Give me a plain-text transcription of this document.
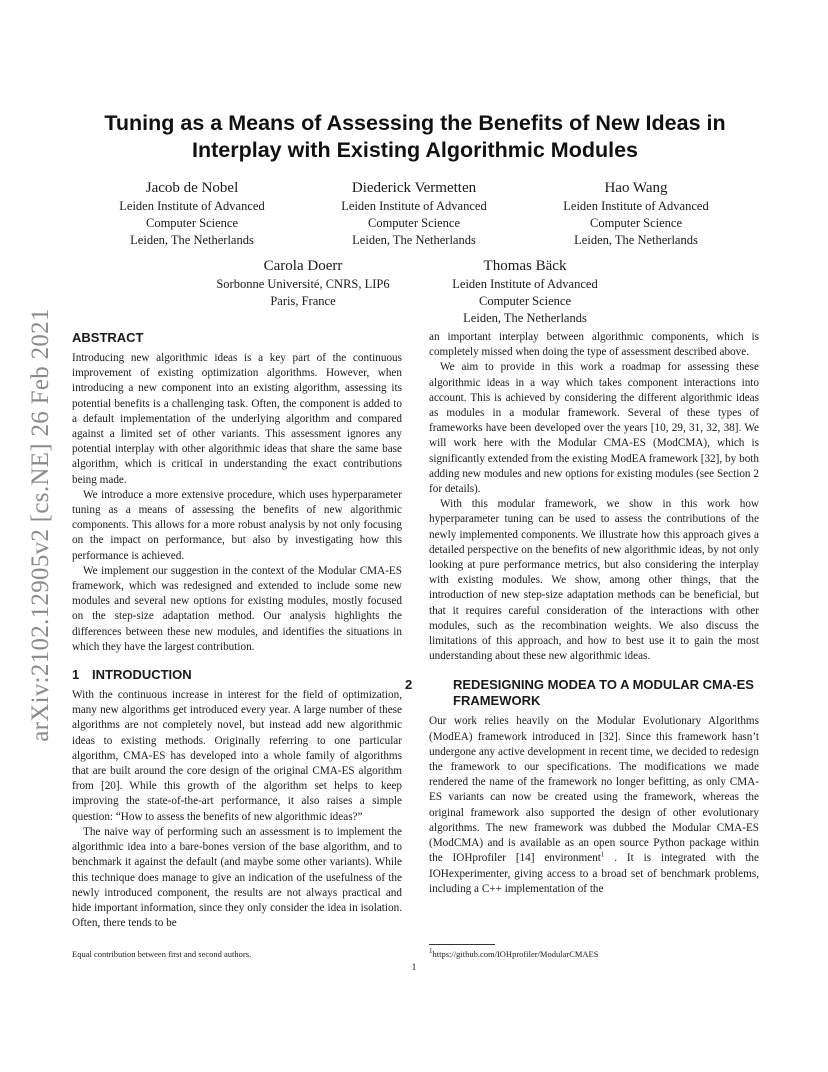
arXiv:2102.12905v2 [cs.NE] 26 Feb 2021
Tuning as a Means of Assessing the Benefits of New Ideas in Interplay with Existing Algorithmic Modules
Jacob de Nobel
Leiden Institute of Advanced
Computer Science
Leiden, The Netherlands
Diederick Vermetten
Leiden Institute of Advanced
Computer Science
Leiden, The Netherlands
Hao Wang
Leiden Institute of Advanced
Computer Science
Leiden, The Netherlands
Carola Doerr
Sorbonne Université, CNRS, LIP6
Paris, France
Thomas Bäck
Leiden Institute of Advanced
Computer Science
Leiden, The Netherlands
ABSTRACT

Introducing new algorithmic ideas is a key part of the continuous improvement of existing optimization algorithms. However, when introducing a new component into an existing algorithm, assessing its potential benefits is a challenging task. Often, the component is added to a default implementation of the underlying algorithm and compared against a limited set of other variants. This assessment ignores any potential interplay with other algorithmic ideas that share the same base algorithm, which is critical in understanding the exact contributions being made.

We introduce a more extensive procedure, which uses hyperparameter tuning as a means of assessing the benefits of new algorithmic components. This allows for a more robust analysis by not only focusing on the impact on performance, but also by investigating how this performance is achieved.

We implement our suggestion in the context of the Modular CMA-ES framework, which was redesigned and extended to include some new modules and several new options for existing modules, mostly focused on the step-size adaptation method. Our analysis highlights the differences between these new modules, and identifies the situations in which they have the largest contribution.

1 INTRODUCTION

With the continuous increase in interest for the field of optimization, many new algorithms get introduced every year. A large number of these algorithms are not completely novel, but instead add new algorithmic ideas to existing methods. Originally referring to one particular algorithm, CMA-ES has developed into a whole family of algorithms that are built around the core design of the original CMA-ES algorithm from [20]. While this growth of the algorithm set helps to keep improving the state-of-the-art performance, it also raises a simple question: “How to assess the benefits of new algorithmic ideas?”

The naive way of performing such an assessment is to implement the algorithmic idea into a bare-bones version of the base algorithm, and to benchmark it against the default (and maybe some other variants). While this technique does manage to give an indication of the usefulness of the newly introduced component, the results are not always practical and hide important information, since they only consider the idea in isolation. Often, there tends to be

an important interplay between algorithmic components, which is completely missed when doing the type of assessment described above.

We aim to provide in this work a roadmap for assessing these algorithmic ideas in a way which takes component interactions into account. This is achieved by considering the different algorithmic ideas as modules in a modular framework. Several of these types of frameworks have been developed over the years [10, 29, 31, 32, 38]. We will work here with the Modular CMA-ES (ModCMA), which is significantly extended from the existing ModEA framework [32], by both adding new modules and new options for existing modules (see Section 2 for details).

With this modular framework, we show in this work how hyperparameter tuning can be used to assess the contributions of the newly implemented components. We illustrate how this approach gives a detailed perspective on the benefits of new algorithmic ideas, by not only looking at pure performance metrics, but also considering the interplay with existing modules. We show, among other things, that the introduction of new step-size adaptation methods can be beneficial, but that it requires careful consideration of the interactions with other modules, such as the recombination weights. We also discuss the limitations of this approach, and how to best use it to gain the most understanding about these new algorithmic ideas.

2	REDESIGNING MODEA TO A MODULAR CMA-ES FRAMEWORK

Our work relies heavily on the Modular Evolutionary Algorithms (ModEA) framework introduced in [32]. Since this framework hasn’t undergone any active development in recent time, we decided to redesign the framework to our specifications. The modifications we made rendered the name of the framework no longer befitting, as only CMA-ES variants can now be created using the framework, whereas the original framework also supported the design of other evolutionary algorithms. The new framework was dubbed the Modular CMA-ES (ModCMA) and is available as an open source Python package within the IOHprofiler [14] environment$^1$ . It is integrated with the IOHexperimenter, giving access to a broad set of benchmark problems, including a C++ implementation of the

Equal contribution between first and second authors.	$^1$https://github.com/IOHprofiler/ModularCMAES
1
